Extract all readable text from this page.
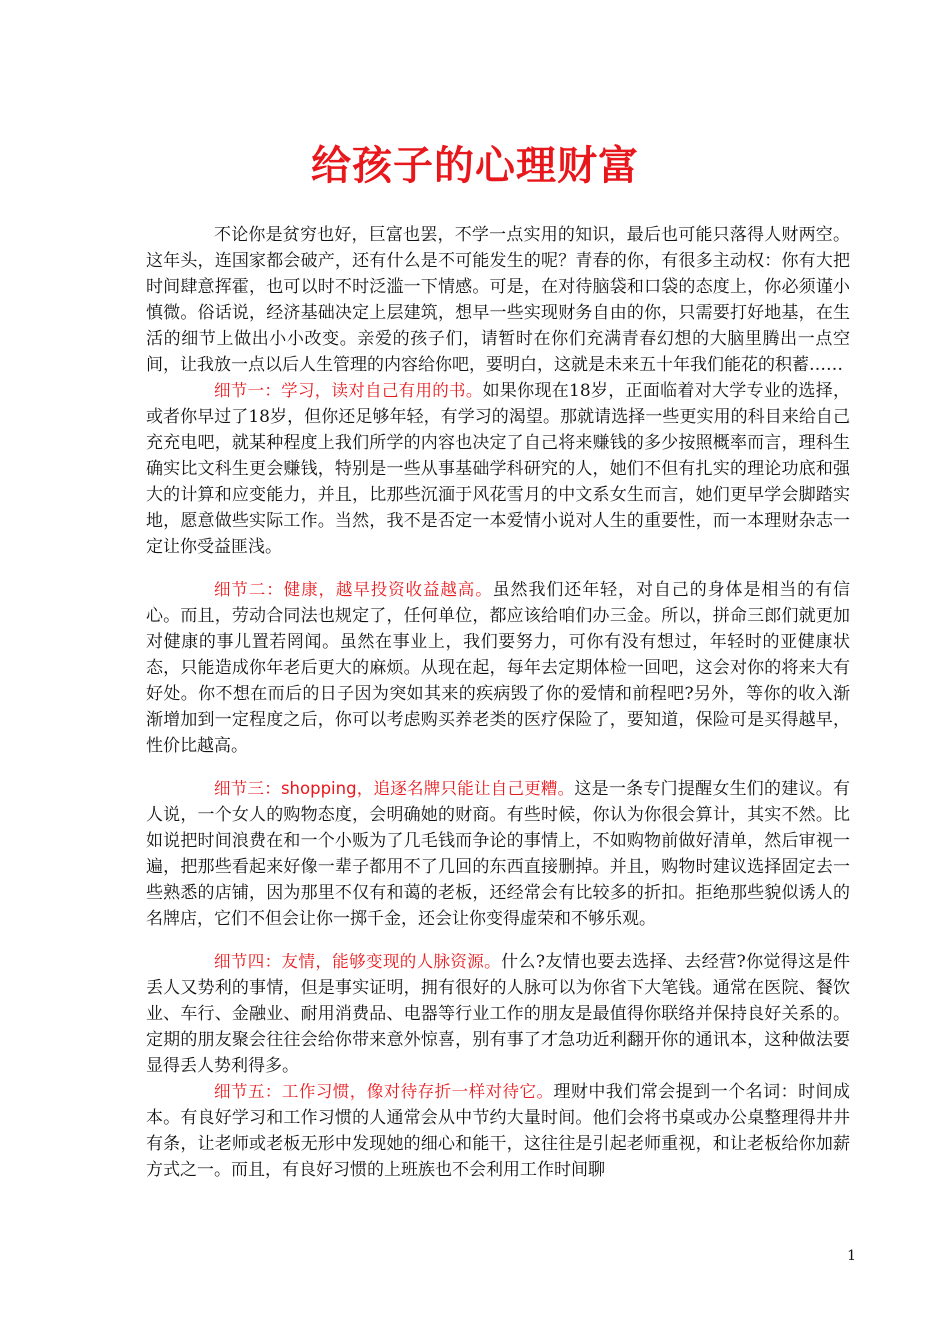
给孩子的心理财富

不论你是贫穷也好，巨富也罢，不学一点实用的知识，最后也可能只落得人财两空。这年头，连国家都会破产，还有什么是不可能发生的呢？青春的你，有很多主动权：你有大把时间肆意挥霍，也可以时不时泛滥一下情感。可是，在对待脑袋和口袋的态度上，你必须谨小慎微。俗话说，经济基础决定上层建筑，想早一些实现财务自由的你，只需要打好地基，在生活的细节上做出小小改变。亲爱的孩子们，请暂时在你们充满青春幻想的大脑里腾出一点空间，让我放一点以后人生管理的内容给你吧，要明白，这就是未来五十年我们能花的积蓄……

细节一：学习，读对自己有用的书。如果你现在18岁，正面临着对大学专业的选择，或者你早过了18岁，但你还足够年轻，有学习的渴望。那就请选择一些更实用的科目来给自己充充电吧，就某种程度上我们所学的内容也决定了自己将来赚钱的多少按照概率而言，理科生确实比文科生更会赚钱，特别是一些从事基础学科研究的人，她们不但有扎实的理论功底和强大的计算和应变能力，并且，比那些沉湎于风花雪月的中文系女生而言，她们更早学会脚踏实地，愿意做些实际工作。当然，我不是否定一本爱情小说对人生的重要性，而一本理财杂志一定让你受益匪浅。

细节二：健康，越早投资收益越高。虽然我们还年轻，对自己的身体是相当的有信心。而且，劳动合同法也规定了，任何单位，都应该给咱们办三金。所以，拼命三郎们就更加对健康的事儿置若罔闻。虽然在事业上，我们要努力，可你有没有想过，年轻时的亚健康状态，只能造成你年老后更大的麻烦。从现在起，每年去定期体检一回吧，这会对你的将来大有好处。你不想在而后的日子因为突如其来的疾病毁了你的爱情和前程吧?另外，等你的收入渐渐增加到一定程度之后，你可以考虑购买养老类的医疗保险了，要知道，保险可是买得越早，性价比越高。

细节三：shopping，追逐名牌只能让自己更糟。这是一条专门提醒女生们的建议。有人说，一个女人的购物态度，会明确她的财商。有些时候，你认为你很会算计，其实不然。比如说把时间浪费在和一个小贩为了几毛钱而争论的事情上，不如购物前做好清单，然后审视一遍，把那些看起来好像一辈子都用不了几回的东西直接删掉。并且，购物时建议选择固定去一些熟悉的店铺，因为那里不仅有和蔼的老板，还经常会有比较多的折扣。拒绝那些貌似诱人的名牌店，它们不但会让你一掷千金，还会让你变得虚荣和不够乐观。

细节四：友情，能够变现的人脉资源。什么?友情也要去选择、去经营?你觉得这是件丢人又势利的事情，但是事实证明，拥有很好的人脉可以为你省下大笔钱。通常在医院、餐饮业、车行、金融业、耐用消费品、电器等行业工作的朋友是最值得你联络并保持良好关系的。定期的朋友聚会往往会给你带来意外惊喜，别有事了才急功近利翻开你的通讯本，这种做法要显得丢人势利得多。

细节五：工作习惯，像对待存折一样对待它。理财中我们常会提到一个名词：时间成本。有良好学习和工作习惯的人通常会从中节约大量时间。他们会将书桌或办公桌整理得井井有条，让老师或老板无形中发现她的细心和能干，这往往是引起老师重视，和让老板给你加薪方式之一。而且，有良好习惯的上班族也不会利用工作时间聊

1
